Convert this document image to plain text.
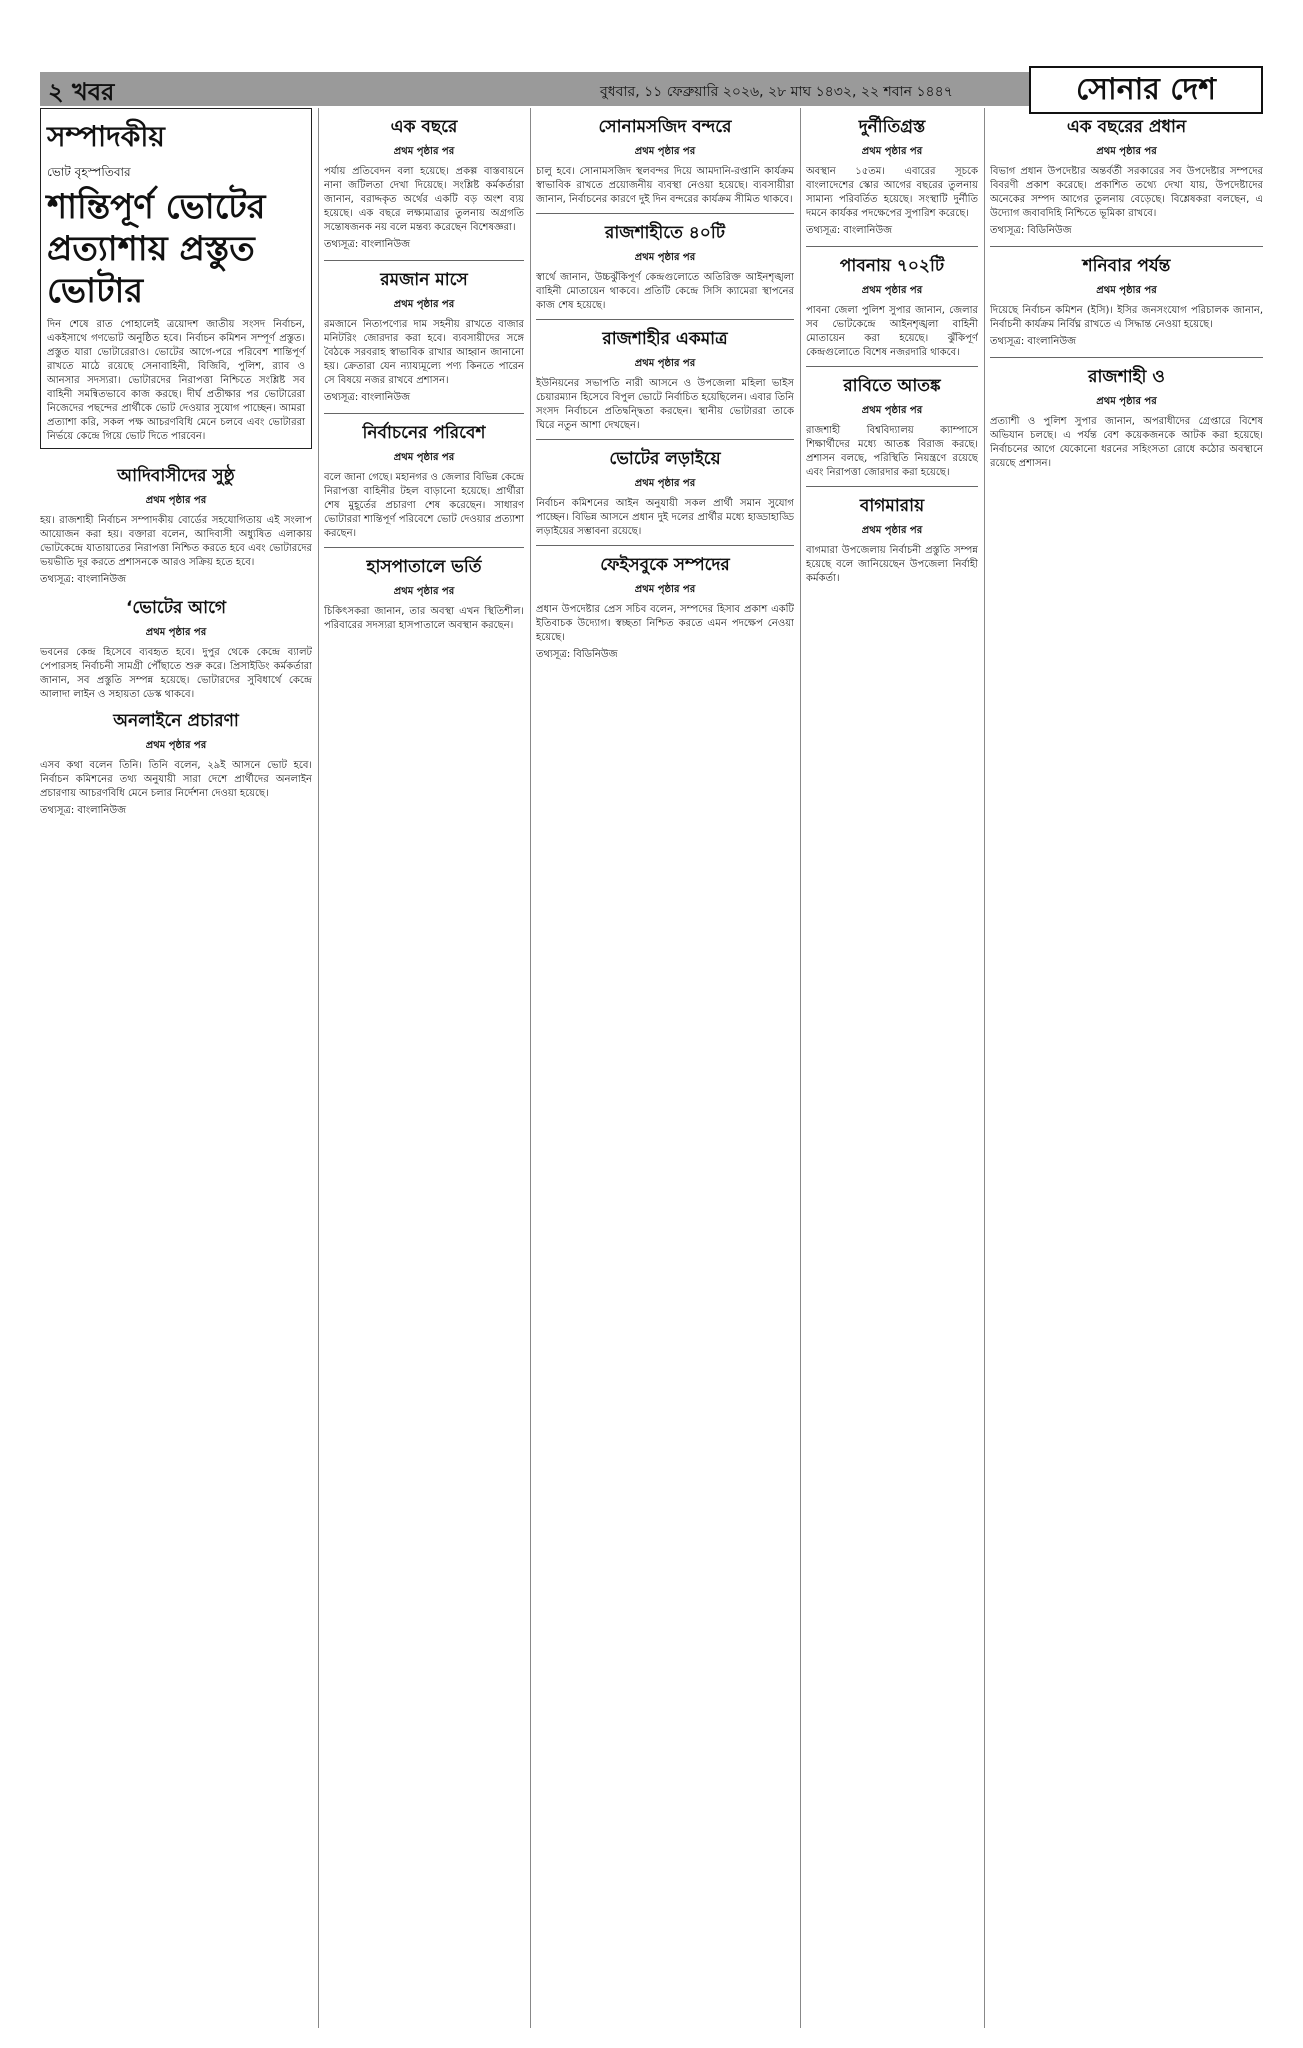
২ খবর	বুধবার, ১১ ফেব্রুয়ারি ২০২৬, ২৮ মাঘ ১৪৩২, ২২ শবান ১৪৪৭	সোনার দেশ
সম্পাদকীয়
ভোট বৃহস্পতিবার
শান্তিপূর্ণ ভোটের প্রত্যাশায় প্রস্তুত ভোটার

দিন শেষে রাত পোহালেই ত্রয়োদশ জাতীয় সংসদ নির্বাচন, একইসাথে গণভোট অনুষ্ঠিত হবে। নির্বাচন কমিশন সম্পূর্ণ প্রস্তুত। প্রস্তুত যারা ভোটারেরাও। ভোটের আগে-পরে পরিবেশ শান্তিপূর্ণ রাখতে মাঠে রয়েছে সেনাবাহিনী, বিজিবি, পুলিশ, র‍্যাব ও আনসার সদস্যরা। ভোটারদের নিরাপত্তা নিশ্চিতে সংশ্লিষ্ট সব বাহিনী সমন্বিতভাবে কাজ করছে। দীর্ঘ প্রতীক্ষার পর ভোটারেরা নিজেদের পছন্দের প্রার্থীকে ভোট দেওয়ার সুযোগ পাচ্ছেন। আমরা প্রত্যাশা করি, সকল পক্ষ আচরণবিধি মেনে চলবে এবং ভোটাররা নির্ভয়ে কেন্দ্রে গিয়ে ভোট দিতে পারবেন।

আদিবাসীদের সুষ্ঠু
প্রথম পৃষ্ঠার পর

হয়। রাজশাহী নির্বাচন সম্পাদকীয় বোর্ডের সহযোগিতায় এই সংলাপ আয়োজন করা হয়। বক্তারা বলেন, আদিবাসী অধ্যুষিত এলাকায় ভোটকেন্দ্রে যাতায়াতের নিরাপত্তা নিশ্চিত করতে হবে এবং ভোটারদের ভয়ভীতি দূর করতে প্রশাসনকে আরও সক্রিয় হতে হবে।

তথ্যসূত্র: বাংলানিউজ
‘ভোটের আগে
প্রথম পৃষ্ঠার পর

ভবনের কেন্দ্র হিসেবে ব্যবহৃত হবে। দুপুর থেকে কেন্দ্রে ব্যালট পেপারসহ নির্বাচনী সামগ্রী পৌঁছাতে শুরু করে। প্রিসাইডিং কর্মকর্তারা জানান, সব প্রস্তুতি সম্পন্ন হয়েছে। ভোটারদের সুবিধার্থে কেন্দ্রে আলাদা লাইন ও সহায়তা ডেস্ক থাকবে।

অনলাইনে প্রচারণা
প্রথম পৃষ্ঠার পর

এসব কথা বলেন তিনি। তিনি বলেন, ২৯ই আসনে ভোট হবে। নির্বাচন কমিশনের তথ্য অনুযায়ী সারা দেশে প্রার্থীদের অনলাইন প্রচারণায় আচরণবিধি মেনে চলার নির্দেশনা দেওয়া হয়েছে।

তথ্যসূত্র: বাংলানিউজ
এক বছরে
প্রথম পৃষ্ঠার পর

পর্যায় প্রতিবেদন বলা হয়েছে। প্রকল্প বাস্তবায়নে নানা জটিলতা দেখা দিয়েছে। সংশ্লিষ্ট কর্মকর্তারা জানান, বরাদ্দকৃত অর্থের একটি বড় অংশ ব্যয় হয়েছে। এক বছরে লক্ষ্যমাত্রার তুলনায় অগ্রগতি সন্তোষজনক নয় বলে মন্তব্য করেছেন বিশেষজ্ঞরা।

তথ্যসূত্র: বাংলানিউজ
রমজান মাসে
প্রথম পৃষ্ঠার পর

রমজানে নিত্যপণ্যের দাম সহনীয় রাখতে বাজার মনিটরিং জোরদার করা হবে। ব্যবসায়ীদের সঙ্গে বৈঠকে সরবরাহ স্বাভাবিক রাখার আহ্বান জানানো হয়। ক্রেতারা যেন ন্যায্যমূল্যে পণ্য কিনতে পারেন সে বিষয়ে নজর রাখবে প্রশাসন।

তথ্যসূত্র: বাংলানিউজ
নির্বাচনের পরিবেশ
প্রথম পৃষ্ঠার পর

বলে জানা গেছে। মহানগর ও জেলার বিভিন্ন কেন্দ্রে নিরাপত্তা বাহিনীর টহল বাড়ানো হয়েছে। প্রার্থীরা শেষ মুহূর্তের প্রচারণা শেষ করেছেন। সাধারণ ভোটাররা শান্তিপূর্ণ পরিবেশে ভোট দেওয়ার প্রত্যাশা করছেন।

হাসপাতালে ভর্তি
প্রথম পৃষ্ঠার পর

চিকিৎসকরা জানান, তার অবস্থা এখন স্থিতিশীল। পরিবারের সদস্যরা হাসপাতালে অবস্থান করছেন।

সোনামসজিদ বন্দরে
প্রথম পৃষ্ঠার পর

চালু হবে। সোনামসজিদ স্থলবন্দর দিয়ে আমদানি-রপ্তানি কার্যক্রম স্বাভাবিক রাখতে প্রয়োজনীয় ব্যবস্থা নেওয়া হয়েছে। ব্যবসায়ীরা জানান, নির্বাচনের কারণে দুই দিন বন্দরের কার্যক্রম সীমিত থাকবে।

রাজশাহীতে ৪০টি
প্রথম পৃষ্ঠার পর

স্বার্থে জানান, উচ্চঝুঁকিপূর্ণ কেন্দ্রগুলোতে অতিরিক্ত আইনশৃঙ্খলা বাহিনী মোতায়েন থাকবে। প্রতিটি কেন্দ্রে সিসি ক্যামেরা স্থাপনের কাজ শেষ হয়েছে।

রাজশাহীর একমাত্র
প্রথম পৃষ্ঠার পর

ইউনিয়নের সভাপতি নারী আসনে ও উপজেলা মহিলা ভাইস চেয়ারম্যান হিসেবে বিপুল ভোটে নির্বাচিত হয়েছিলেন। এবার তিনি সংসদ নির্বাচনে প্রতিদ্বন্দ্বিতা করছেন। স্থানীয় ভোটাররা তাকে ঘিরে নতুন আশা দেখছেন।

ভোটের লড়াইয়ে
প্রথম পৃষ্ঠার পর

নির্বাচন কমিশনের আইন অনুযায়ী সকল প্রার্থী সমান সুযোগ পাচ্ছেন। বিভিন্ন আসনে প্রধান দুই দলের প্রার্থীর মধ্যে হাড্ডাহাড্ডি লড়াইয়ের সম্ভাবনা রয়েছে।

ফেইসবুকে সম্পদের
প্রথম পৃষ্ঠার পর

প্রধান উপদেষ্টার প্রেস সচিব বলেন, সম্পদের হিসাব প্রকাশ একটি ইতিবাচক উদ্যোগ। স্বচ্ছতা নিশ্চিত করতে এমন পদক্ষেপ নেওয়া হয়েছে।

তথ্যসূত্র: বিডিনিউজ
দুর্নীতিগ্রস্ত
প্রথম পৃষ্ঠার পর

অবস্থান ১৫তম। এবারের সূচকে বাংলাদেশের স্কোর আগের বছরের তুলনায় সামান্য পরিবর্তিত হয়েছে। সংস্থাটি দুর্নীতি দমনে কার্যকর পদক্ষেপের সুপারিশ করেছে।

তথ্যসূত্র: বাংলানিউজ
পাবনায় ৭০২টি
প্রথম পৃষ্ঠার পর

পাবনা জেলা পুলিশ সুপার জানান, জেলার সব ভোটকেন্দ্রে আইনশৃঙ্খলা বাহিনী মোতায়েন করা হয়েছে। ঝুঁকিপূর্ণ কেন্দ্রগুলোতে বিশেষ নজরদারি থাকবে।

রাবিতে আতঙ্ক
প্রথম পৃষ্ঠার পর

রাজশাহী বিশ্ববিদ্যালয় ক্যাম্পাসে শিক্ষার্থীদের মধ্যে আতঙ্ক বিরাজ করছে। প্রশাসন বলছে, পরিস্থিতি নিয়ন্ত্রণে রয়েছে এবং নিরাপত্তা জোরদার করা হয়েছে।

বাগমারায়
প্রথম পৃষ্ঠার পর

বাগমারা উপজেলায় নির্বাচনী প্রস্তুতি সম্পন্ন হয়েছে বলে জানিয়েছেন উপজেলা নির্বাহী কর্মকর্তা।

এক বছরের প্রধান
প্রথম পৃষ্ঠার পর

বিভাগ প্রধান উপদেষ্টার অন্তর্বর্তী সরকারের সব উপদেষ্টার সম্পদের বিবরণী প্রকাশ করেছে। প্রকাশিত তথ্যে দেখা যায়, উপদেষ্টাদের অনেকের সম্পদ আগের তুলনায় বেড়েছে। বিশ্লেষকরা বলছেন, এ উদ্যোগ জবাবদিহি নিশ্চিতে ভূমিকা রাখবে।

তথ্যসূত্র: বিডিনিউজ
শনিবার পর্যন্ত
প্রথম পৃষ্ঠার পর

দিয়েছে নির্বাচন কমিশন (ইসি)। ইসির জনসংযোগ পরিচালক জানান, নির্বাচনী কার্যক্রম নির্বিঘ্ন রাখতে এ সিদ্ধান্ত নেওয়া হয়েছে।

তথ্যসূত্র: বাংলানিউজ
রাজশাহী ও
প্রথম পৃষ্ঠার পর

প্রত্যাশী ও পুলিশ সুপার জানান, অপরাধীদের গ্রেপ্তারে বিশেষ অভিযান চলছে। এ পর্যন্ত বেশ কয়েকজনকে আটক করা হয়েছে। নির্বাচনের আগে যেকোনো ধরনের সহিংসতা রোধে কঠোর অবস্থানে রয়েছে প্রশাসন।
